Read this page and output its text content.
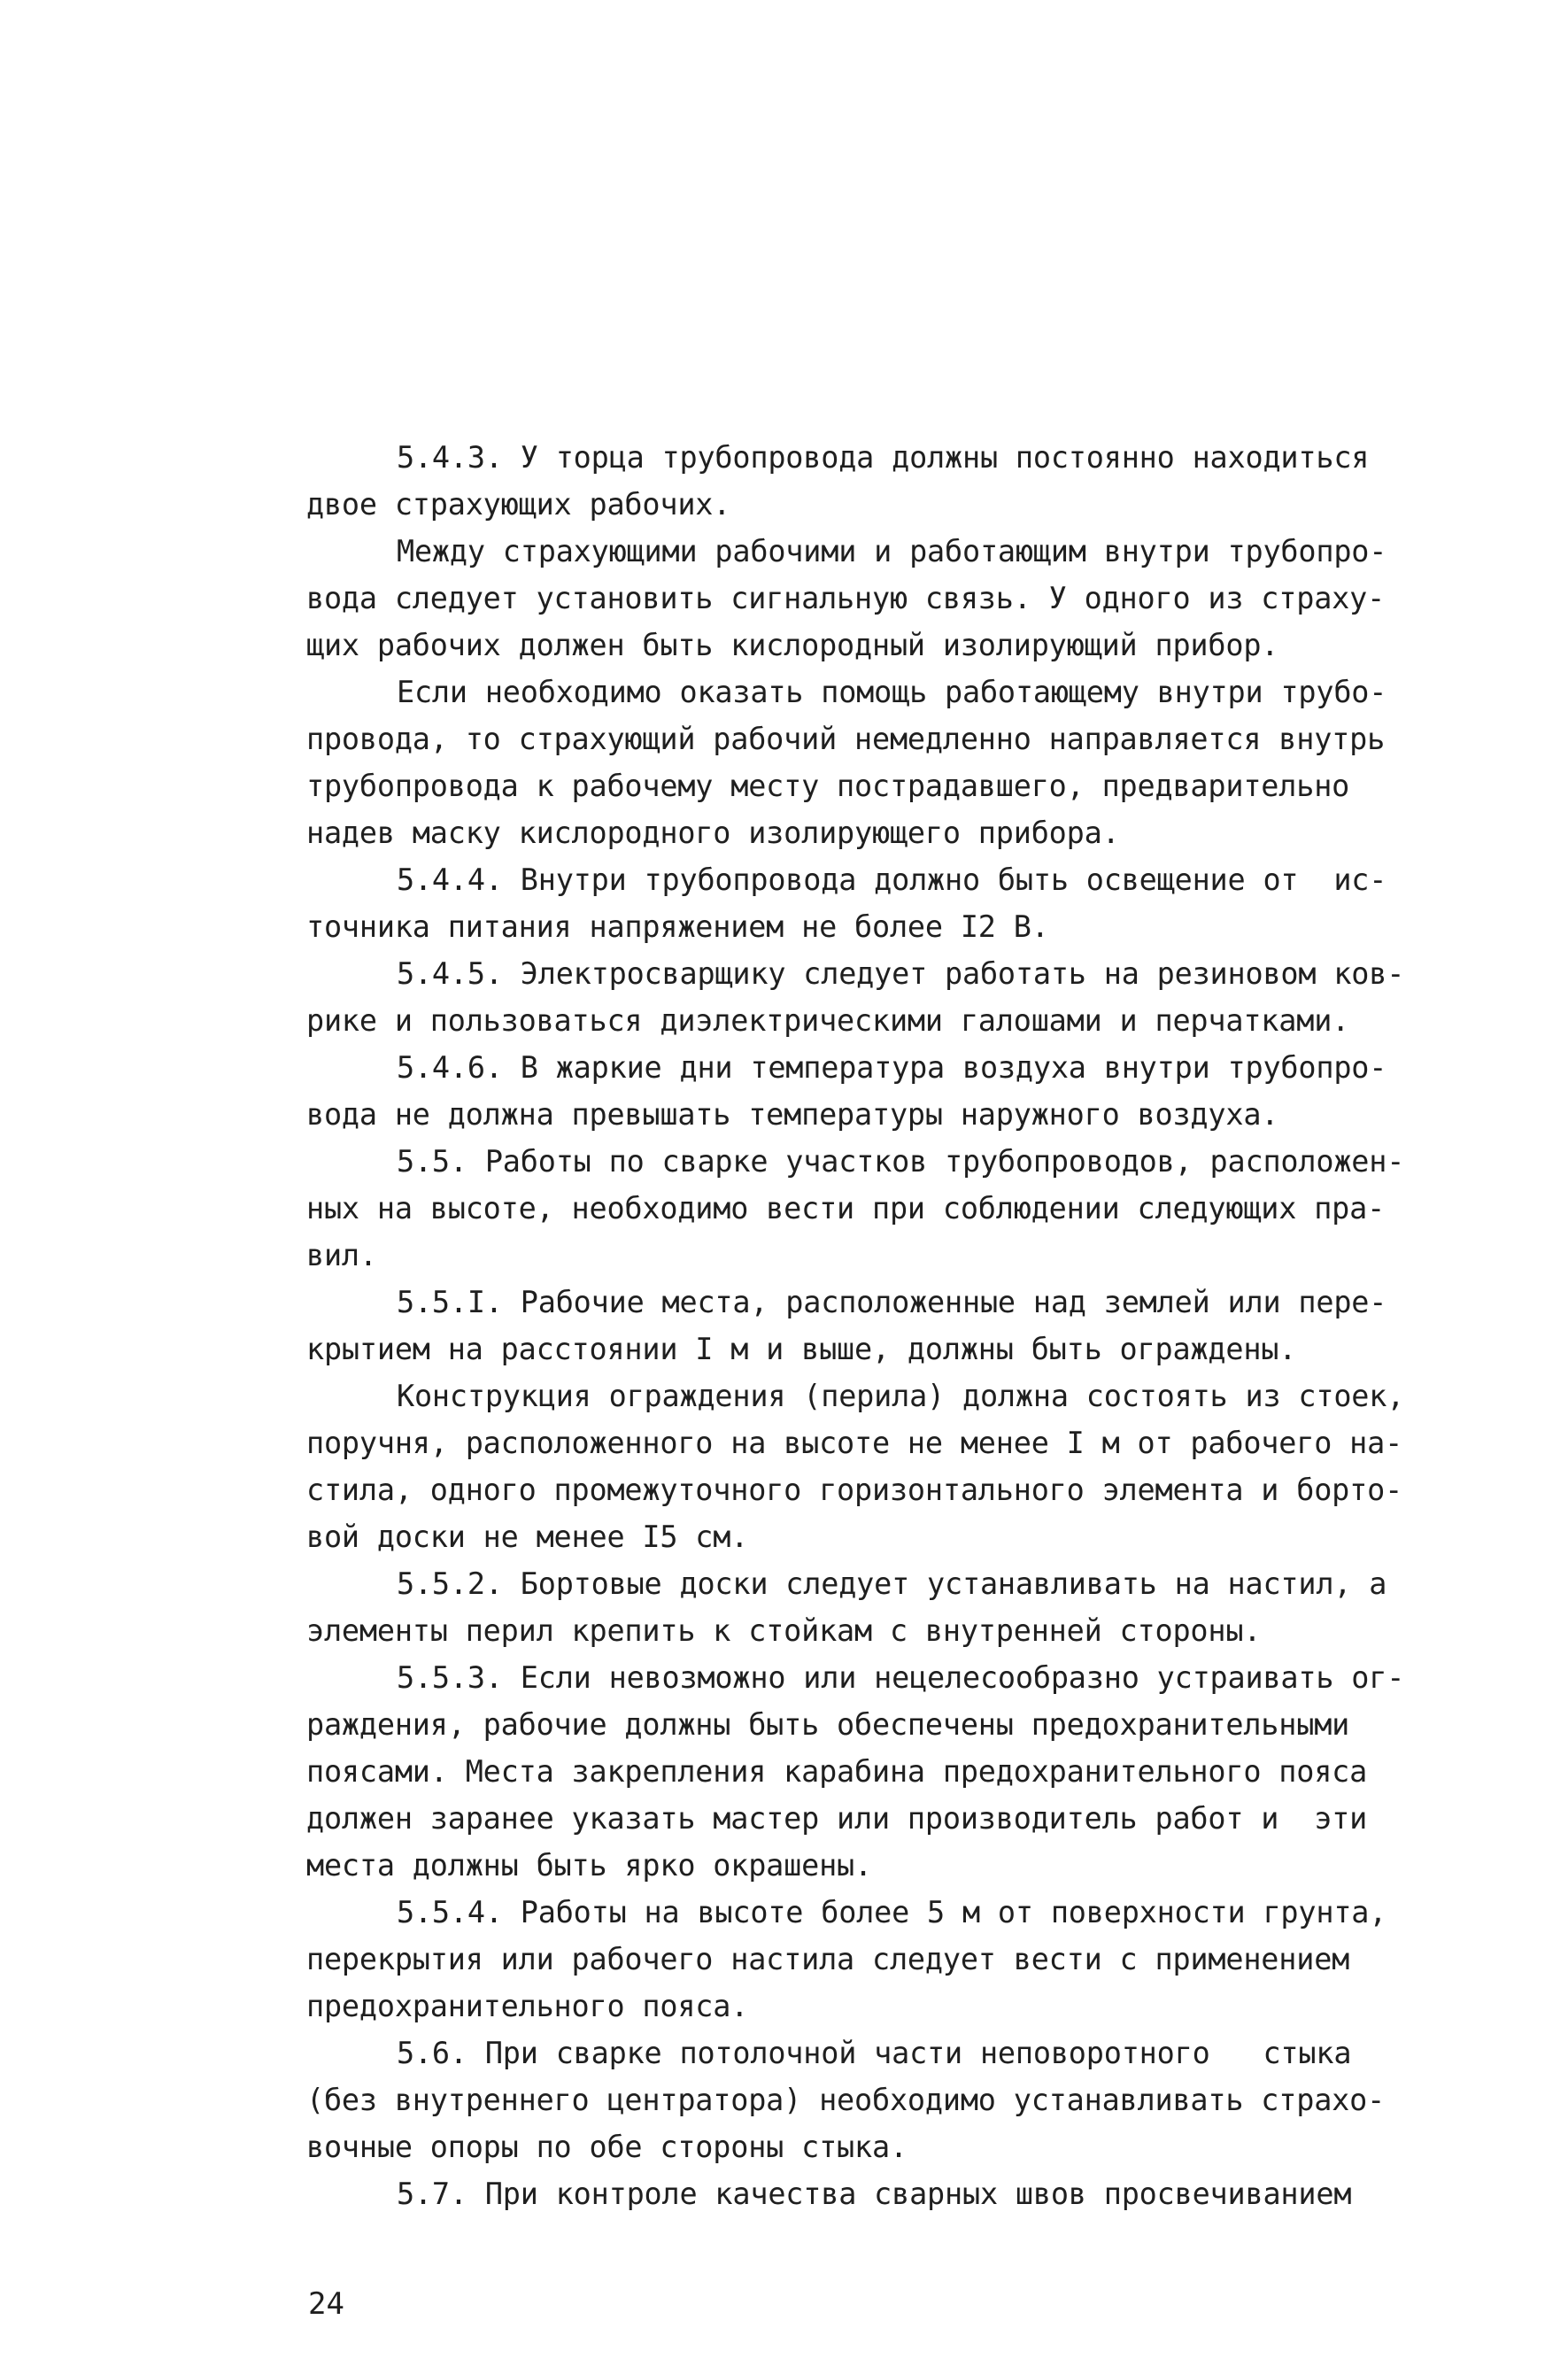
5.4.3. У торца трубопровода должны постоянно находиться
двое страхующих рабочих.
Между страхующими рабочими и работающим внутри трубопро-
вода следует установить сигнальную связь. У одного из страху-
щих рабочих должен быть кислородный изолирующий прибор.
Если необходимо оказать помощь работающему внутри трубо-
провода, то страхующий рабочий немедленно направляется внутрь
трубопровода к рабочему месту пострадавшего, предварительно
надев маску кислородного изолирующего прибора.
5.4.4. Внутри трубопровода должно быть освещение от  ис-
точника питания напряжением не более I2 В.
5.4.5. Электросварщику следует работать на резиновом ков-
рике и пользоваться диэлектрическими галошами и перчатками.
5.4.6. В жаркие дни температура воздуха внутри трубопро-
вода не должна превышать температуры наружного воздуха.
5.5. Работы по сварке участков трубопроводов, расположен-
ных на высоте, необходимо вести при соблюдении следующих пра-
вил.
5.5.I. Рабочие места, расположенные над землей или пере-
крытием на расстоянии I м и выше, должны быть ограждены.
Конструкция ограждения (перила) должна состоять из стоек,
поручня, расположенного на высоте не менее I м от рабочего на-
стила, одного промежуточного горизонтального элемента и борто-
вой доски не менее I5 см.
5.5.2. Бортовые доски следует устанавливать на настил, а
элементы перил крепить к стойкам с внутренней стороны.
5.5.3. Если невозможно или нецелесообразно устраивать ог-
раждения, рабочие должны быть обеспечены предохранительными
поясами. Места закрепления карабина предохранительного пояса
должен заранее указать мастер или производитель работ и  эти
места должны быть ярко окрашены.
5.5.4. Работы на высоте более 5 м от поверхности грунта,
перекрытия или рабочего настила следует вести с применением
предохранительного пояса.
5.6. При сварке потолочной части неповоротного   стыка
(без внутреннего центратора) необходимо устанавливать страхо-
вочные опоры по обе стороны стыка.
5.7. При контроле качества сварных швов просвечиванием
24
